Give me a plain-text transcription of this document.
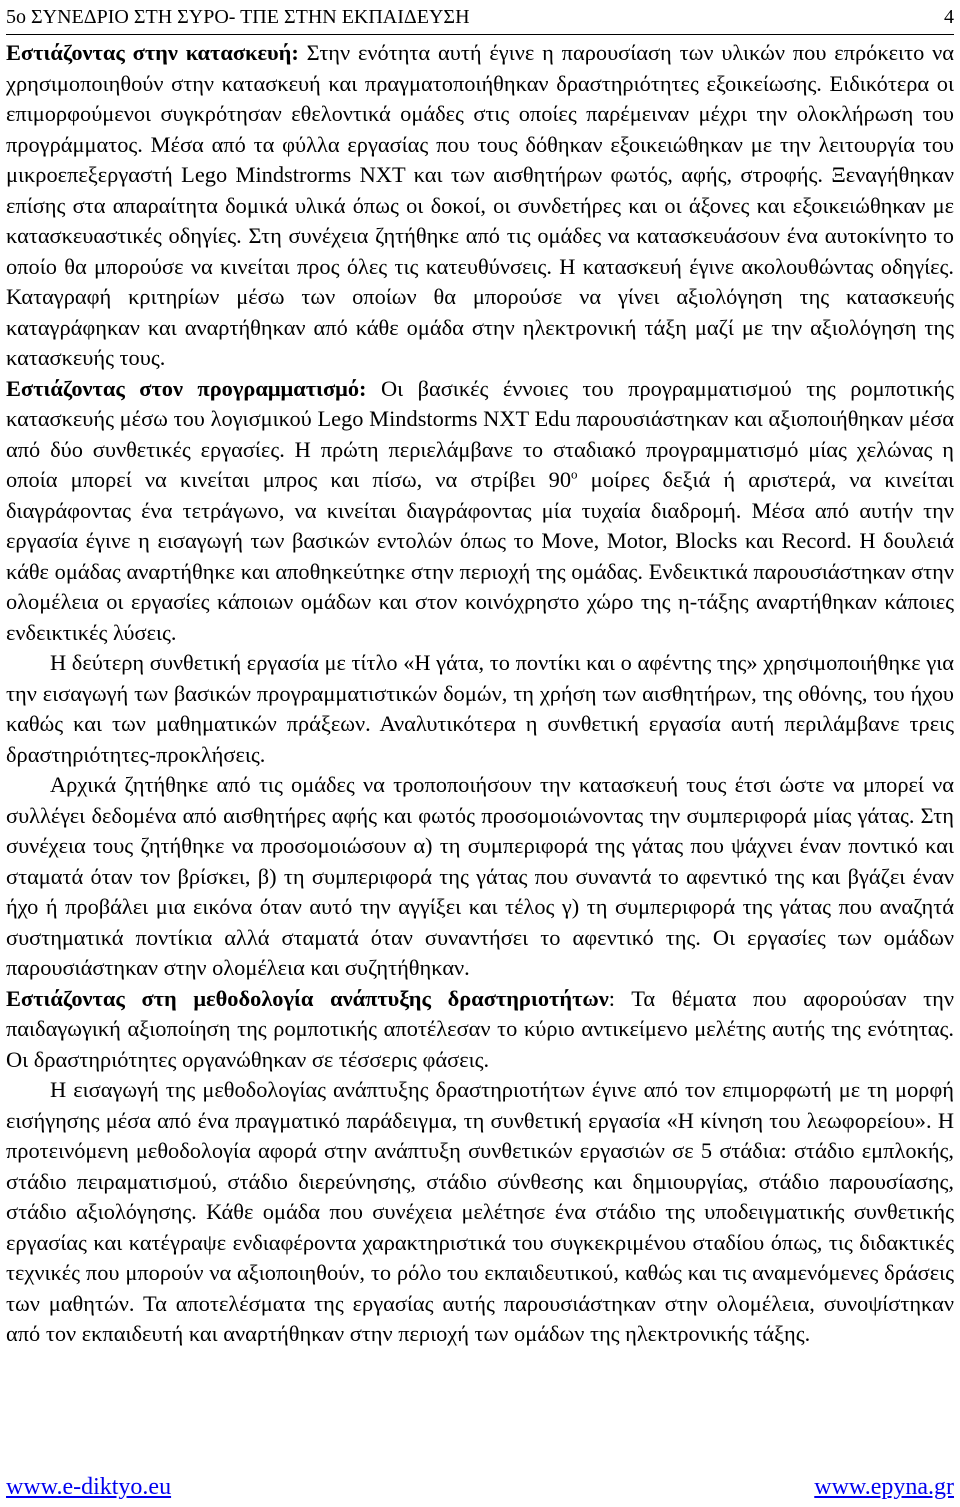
5ο ΣΥΝΕΔΡΙΟ ΣΤΗ ΣΥΡΟ- ΤΠΕ ΣΤΗΝ ΕΚΠΑΙΔΕΥΣΗ	4

Εστιάζοντας στην κατασκευή: Στην ενότητα αυτή έγινε η παρουσίαση των υλικών που επρόκειτο να χρησιμοποιηθούν στην κατασκευή και πραγματοποιήθηκαν δραστηριότητες εξοικείωσης. Ειδικότερα οι επιμορφούμενοι συγκρότησαν εθελοντικά ομάδες στις οποίες παρέμειναν μέχρι την ολοκλήρωση του προγράμματος. Μέσα από τα φύλλα εργασίας που τους δόθηκαν εξοικειώθηκαν με την λειτουργία του μικροεπεξεργαστή Lego Mindstrorms NXT και των αισθητήρων φωτός, αφής, στροφής. Ξεναγήθηκαν επίσης στα απαραίτητα δομικά υλικά όπως οι δοκοί, οι συνδετήρες και οι άξονες και εξοικειώθηκαν με κατασκευαστικές οδηγίες. Στη συνέχεια ζητήθηκε από τις ομάδες να κατασκευάσουν ένα αυτοκίνητο το οποίο θα μπορούσε να κινείται προς όλες τις κατευθύνσεις. Η κατασκευή έγινε ακολουθώντας οδηγίες. Καταγραφή κριτηρίων μέσω των οποίων θα μπορούσε να γίνει αξιολόγηση της κατασκευής καταγράφηκαν και αναρτήθηκαν από κάθε ομάδα στην ηλεκτρονική τάξη μαζί με την αξιολόγηση της κατασκευής τους.

Εστιάζοντας στον προγραμματισμό: Οι βασικές έννοιες του προγραμματισμού της ρομποτικής κατασκευής μέσω του λογισμικού Lego Mindstorms NXT Edu παρουσιάστηκαν και αξιοποιήθηκαν μέσα από δύο συνθετικές εργασίες. Η πρώτη περιελάμβανε το σταδιακό προγραμματισμό μίας χελώνας η οποία μπορεί να κινείται μπρος και πίσω, να στρίβει $90^o$ μοίρες δεξιά ή αριστερά, να κινείται διαγράφοντας ένα τετράγωνο, να κινείται διαγράφοντας μία τυχαία διαδρομή. Μέσα από αυτήν την εργασία έγινε η εισαγωγή των βασικών εντολών όπως το Move, Motor, Blocks και Record. Η δουλειά κάθε ομάδας αναρτήθηκε και αποθηκεύτηκε στην περιοχή της ομάδας. Ενδεικτικά παρουσιάστηκαν στην ολομέλεια οι εργασίες κάποιων ομάδων και στον κοινόχρηστο χώρο της η-τάξης αναρτήθηκαν κάποιες ενδεικτικές λύσεις.

Η δεύτερη συνθετική εργασία με τίτλο «Η γάτα, το ποντίκι και ο αφέντης της» χρησιμοποιήθηκε για την εισαγωγή των βασικών προγραμματιστικών δομών, τη χρήση των αισθητήρων, της οθόνης, του ήχου καθώς και των μαθηματικών πράξεων. Αναλυτικότερα η συνθετική εργασία αυτή περιλάμβανε τρεις δραστηριότητες-προκλήσεις.

Αρχικά ζητήθηκε από τις ομάδες να τροποποιήσουν την κατασκευή τους έτσι ώστε να μπορεί να συλλέγει δεδομένα από αισθητήρες αφής και φωτός προσομοιώνοντας την συμπεριφορά μίας γάτας. Στη συνέχεια τους ζητήθηκε να προσομοιώσουν α) τη συμπεριφορά της γάτας που ψάχνει έναν ποντικό και σταματά όταν τον βρίσκει, β) τη συμπεριφορά της γάτας που συναντά το αφεντικό της και βγάζει έναν ήχο ή προβάλει μια εικόνα όταν αυτό την αγγίξει και τέλος γ) τη συμπεριφορά της γάτας που αναζητά συστηματικά ποντίκια αλλά σταματά όταν συναντήσει το αφεντικό της. Οι εργασίες των ομάδων παρουσιάστηκαν στην ολομέλεια και συζητήθηκαν.

Εστιάζοντας στη μεθοδολογία ανάπτυξης δραστηριοτήτων: Τα θέματα που αφορούσαν την παιδαγωγική αξιοποίηση της ρομποτικής αποτέλεσαν το κύριο αντικείμενο μελέτης αυτής της ενότητας. Οι δραστηριότητες οργανώθηκαν σε τέσσερις φάσεις.

Η εισαγωγή της μεθοδολογίας ανάπτυξης δραστηριοτήτων έγινε από τον επιμορφωτή με τη μορφή εισήγησης μέσα από ένα πραγματικό παράδειγμα, τη συνθετική εργασία «Η κίνηση του λεωφορείου». Η προτεινόμενη μεθοδολογία αφορά στην ανάπτυξη συνθετικών εργασιών σε 5 στάδια: στάδιο εμπλοκής, στάδιο πειραματισμού, στάδιο διερεύνησης, στάδιο σύνθεσης και δημιουργίας, στάδιο παρουσίασης, στάδιο αξιολόγησης. Κάθε ομάδα που συνέχεια μελέτησε ένα στάδιο της υποδειγματικής συνθετικής εργασίας και κατέγραψε ενδιαφέροντα χαρακτηριστικά του συγκεκριμένου σταδίου όπως, τις διδακτικές τεχνικές που μπορούν να αξιοποιηθούν, το ρόλο του εκπαιδευτικού, καθώς και τις αναμενόμενες δράσεις των μαθητών. Τα αποτελέσματα της εργασίας αυτής παρουσιάστηκαν στην ολομέλεια, συνοψίστηκαν από τον εκπαιδευτή και αναρτήθηκαν στην περιοχή των ομάδων της ηλεκτρονικής τάξης.

www.e-diktyo.eu	www.epyna.gr
